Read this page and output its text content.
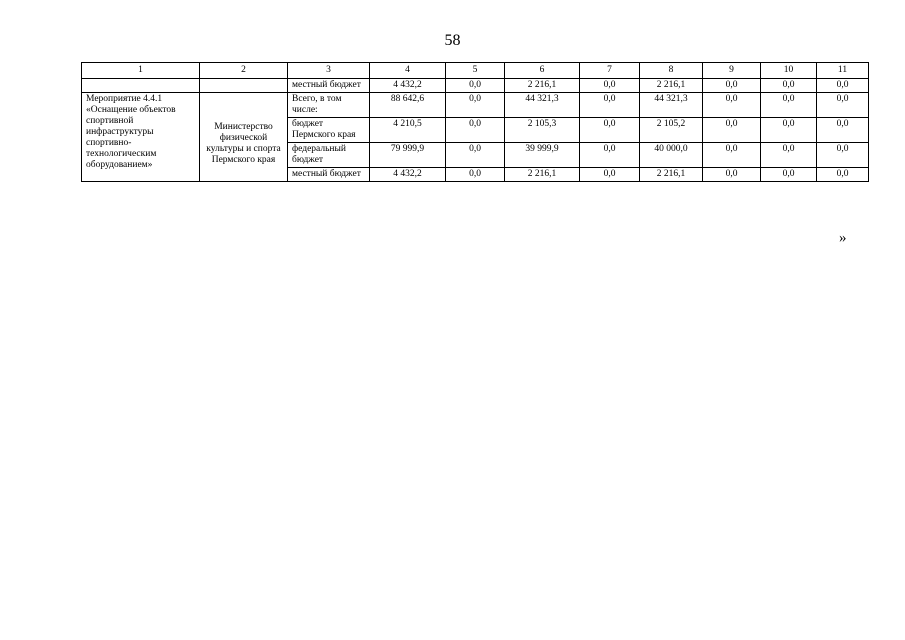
58
1	2	3	4	5	6	7	8	9	10	11
		местный бюджет	4 432,2	0,0	2 216,1	0,0	2 216,1	0,0	0,0	0,0
Мероприятие 4.4.1 «Оснащение объектов спортивной инфраструктуры спортивно-технологическим оборудованием»	Министерство физической культуры и спорта Пермского края	Всего, в том числе:	88 642,6	0,0	44 321,3	0,0	44 321,3	0,0	0,0	0,0
		бюджет Пермского края	4 210,5	0,0	2 105,3	0,0	2 105,2	0,0	0,0	0,0
		федеральный бюджет	79 999,9	0,0	39 999,9	0,0	40 000,0	0,0	0,0	0,0
		местный бюджет	4 432,2	0,0	2 216,1	0,0	2 216,1	0,0	0,0	0,0
»
